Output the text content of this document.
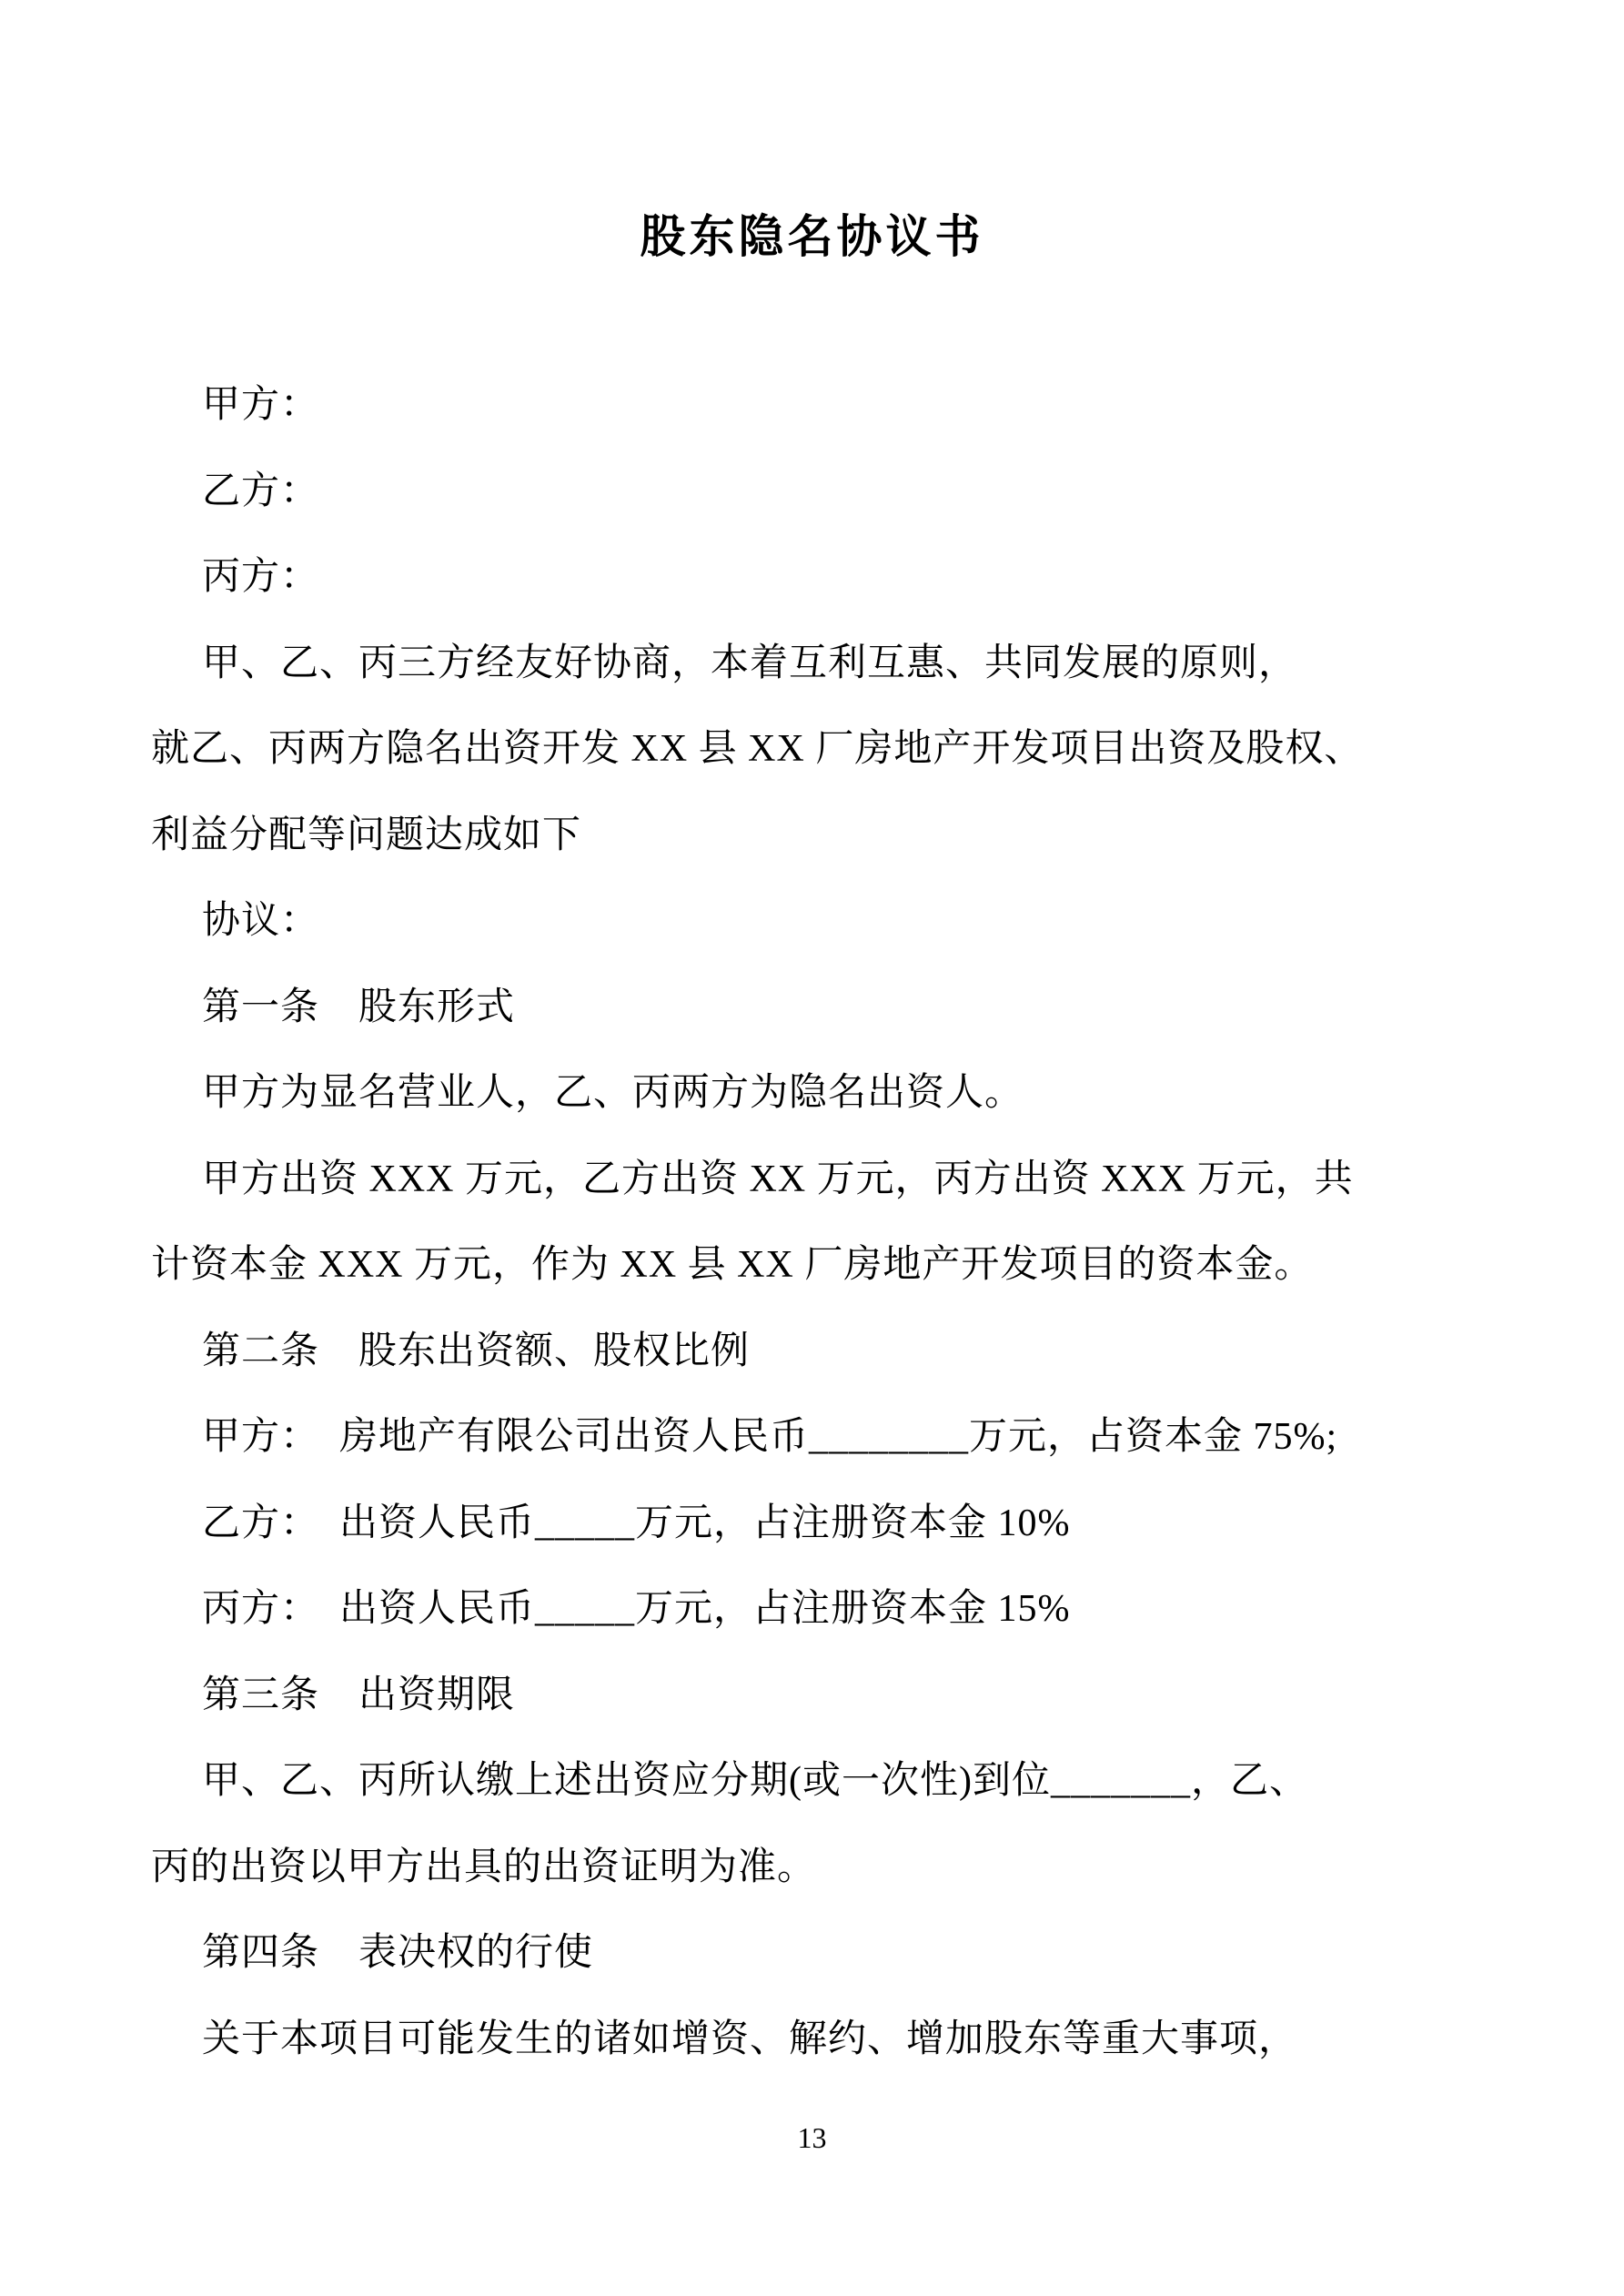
股东隐名协议书
甲方：
乙方：
丙方：
甲、乙、丙三方经友好协商，本着互利互惠、共同发展的原则，
就乙、丙两方隐名出资开发 XX 县 XX 厂房地产开发项目出资及股权、
利益分配等问题达成如下
协议：
第一条　股东形式
甲方为显名营业人，乙、丙两方为隐名出资人。
甲方出资 XXX 万元，乙方出资 XX 万元，丙方出资 XXX 万元，共
计资本金 XXX 万元，作为 XX 县 XX 厂房地产开发项目的资本金。
第二条　股东出资额、股权比例
甲方：　房地产有限公司出资人民币________万元，占资本金 75%;
乙方：　出资人民币_____万元，占注册资本金 10%
丙方：　出资人民币_____万元，占注册资本金 15%
第三条　出资期限
甲、乙、丙所认缴上述出资应分期(或一次性)到位_______，乙、
丙的出资以甲方出具的出资证明为准。
第四条　表决权的行使
关于本项目可能发生的诸如增资、解约、增加股东等重大事项，
13
